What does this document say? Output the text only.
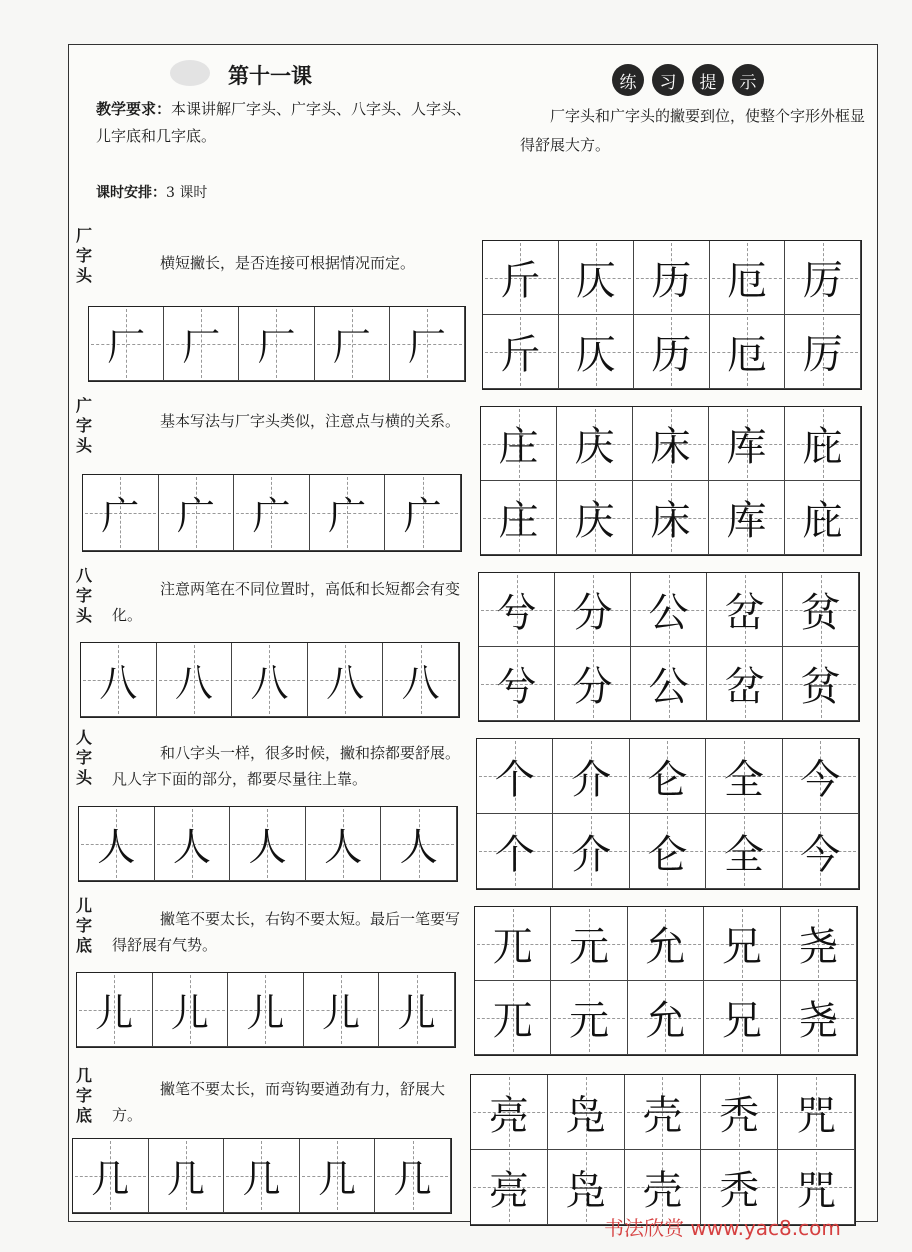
第十一课	练	习	提	示
教学要求：本课讲解厂字头、广字头、八字头、人字头、儿字底和几字底。
厂字头和广字头的撇要到位，使整个字形外框显得舒展大方。
课时安排：3 课时
厂字头
横短撇长，是否连接可根据情况而定。
厂 厂 厂 厂 厂
斤 仄 历 厄 厉
斤 仄 历 厄 厉
广字头
基本写法与厂字头类似，注意点与横的关系。
广 广 广 广 广
庄 庆 床 库 庇
庄 庆 床 库 庇
八字头
注意两笔在不同位置时，高低和长短都会有变化。
八 八 八 八 八
兮 分 公 岔 贫
兮 分 公 岔 贫
人字头
和八字头一样，很多时候，撇和捺都要舒展。凡人字下面的部分，都要尽量往上靠。
人 人 人 人 人
个 介 仑 全 今
个 介 仑 全 今
儿字底
撇笔不要太长，右钩不要太短。最后一笔要写得舒展有气势。
儿 儿 儿 儿 儿
兀 元 允 兄 尧
兀 元 允 兄 尧
几字底
撇笔不要太长，而弯钩要遒劲有力，舒展大方。
几 几 几 几 几
亮 凫 壳 秃 咒
亮 凫 壳 秃 咒
书法欣赏 www.yac8.com
